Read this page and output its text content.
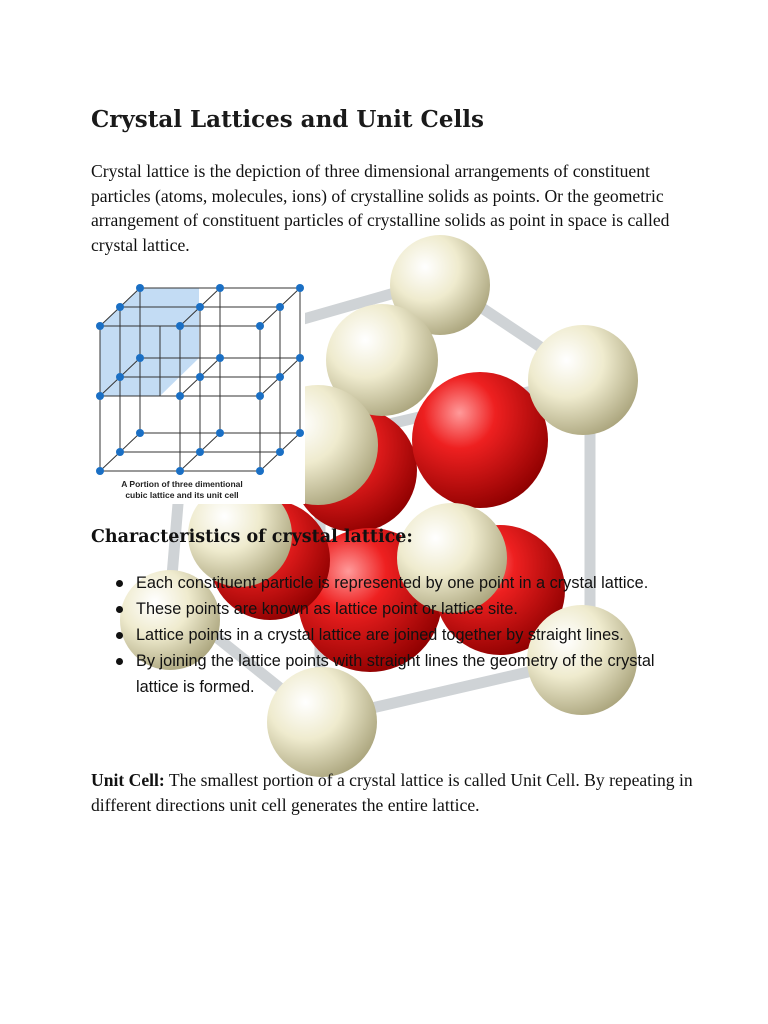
A Portion of three dimentional
cubic lattice and its unit cell
Crystal Lattices and Unit Cells

Crystal lattice is the depiction of three dimensional arrangements of constituent particles (atoms, molecules, ions) of crystalline solids as points. Or the geometric arrangement of constituent particles of crystalline solids as point in space is called crystal lattice.

Characteristics of crystal lattice:
Each constituent particle is represented by one point in a crystal lattice.
These points are known as lattice point or lattice site.
Lattice points in a crystal lattice are joined together by straight lines.
By joining the lattice points with straight lines the geometry of the crystal lattice is formed.

Unit Cell: The smallest portion of a crystal lattice is called Unit Cell. By repeating in different directions unit cell generates the entire lattice.
